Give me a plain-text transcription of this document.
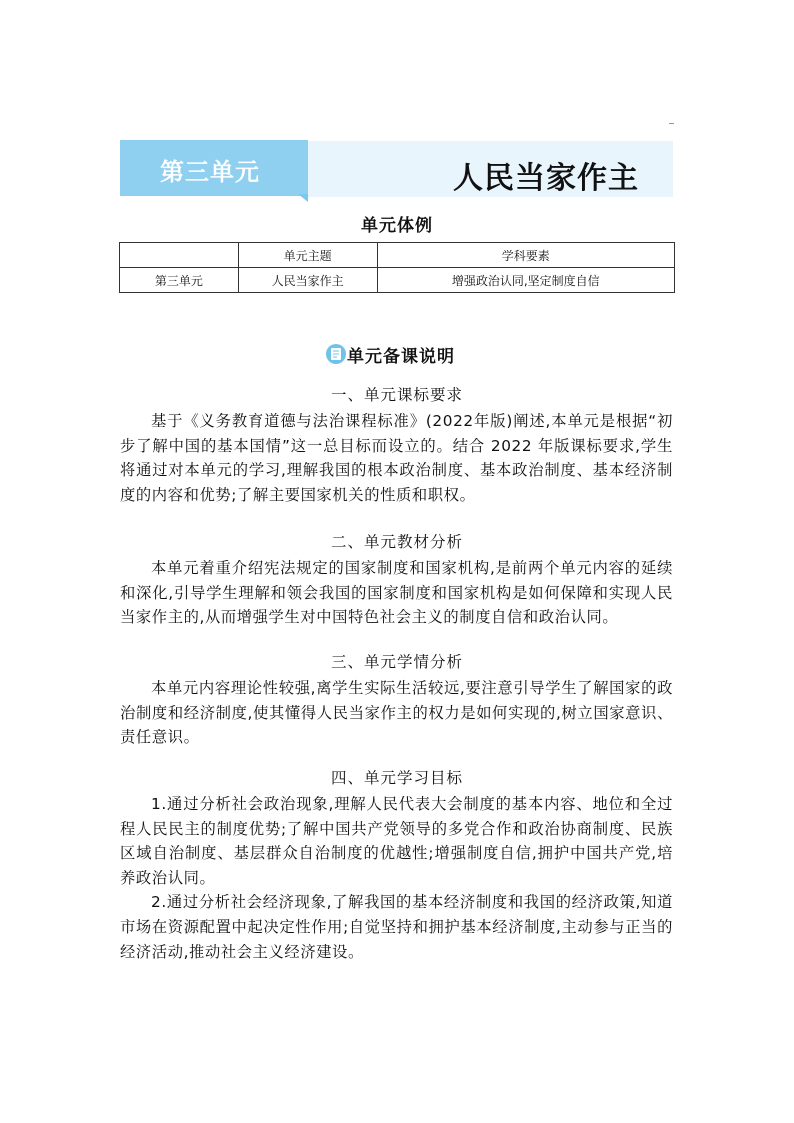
第三单元	人民当家作主
单元体例
	单元主题	学科要素
第三单元	人民当家作主	增强政治认同,坚定制度自信
单元备课说明
一、单元课标要求

基于《义务教育道德与法治课程标准》(2022年版)阐述,本单元是根据“初步了解中国的基本国情”这一总目标而设立的。结合 2022 年版课标要求,学生将通过对本单元的学习,理解我国的根本政治制度、基本政治制度、基本经济制度的内容和优势;了解主要国家机关的性质和职权。

二、单元教材分析

本单元着重介绍宪法规定的国家制度和国家机构,是前两个单元内容的延续和深化,引导学生理解和领会我国的国家制度和国家机构是如何保障和实现人民当家作主的,从而增强学生对中国特色社会主义的制度自信和政治认同。

三、单元学情分析

本单元内容理论性较强,离学生实际生活较远,要注意引导学生了解国家的政治制度和经济制度,使其懂得人民当家作主的权力是如何实现的,树立国家意识、责任意识。

四、单元学习目标

1.通过分析社会政治现象,理解人民代表大会制度的基本内容、地位和全过程人民民主的制度优势;了解中国共产党领导的多党合作和政治协商制度、民族区域自治制度、基层群众自治制度的优越性;增强制度自信,拥护中国共产党,培养政治认同。

2.通过分析社会经济现象,了解我国的基本经济制度和我国的经济政策,知道市场在资源配置中起决定性作用;自觉坚持和拥护基本经济制度,主动参与正当的经济活动,推动社会主义经济建设。
